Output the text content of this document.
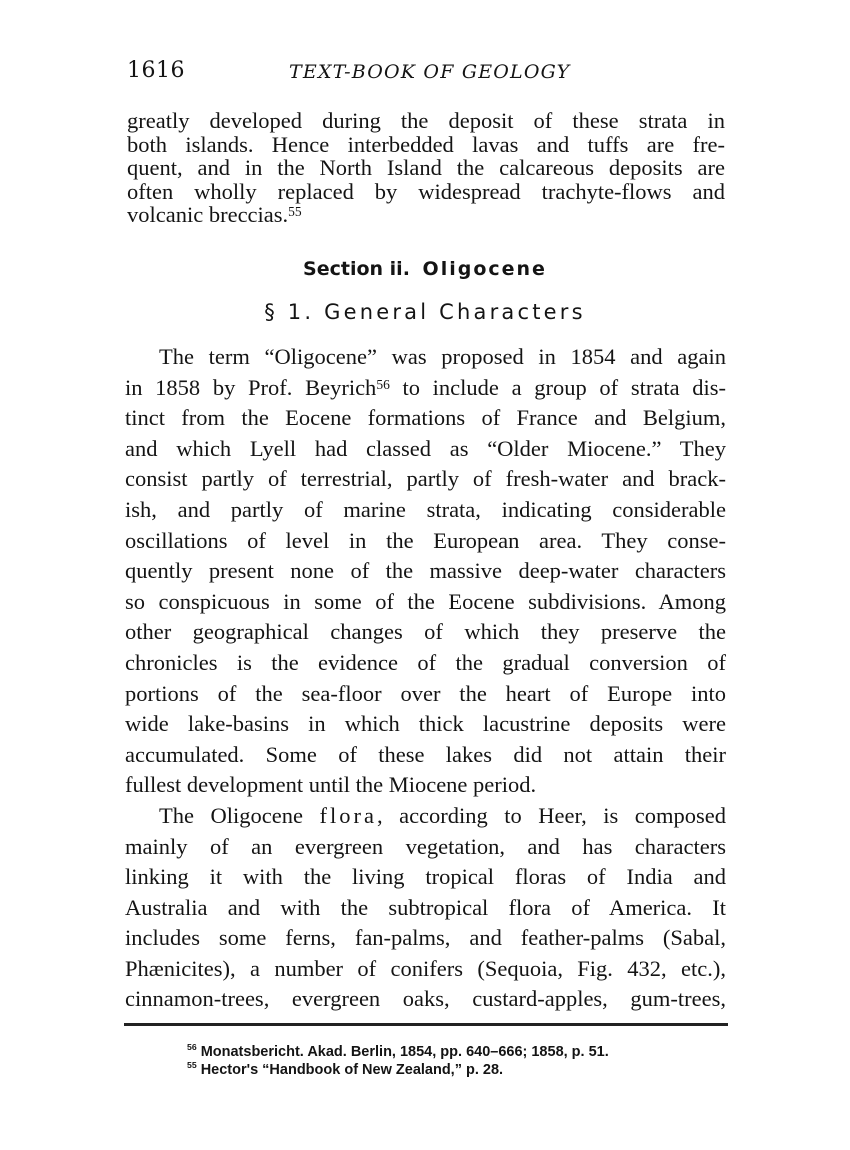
1616	TEXT-BOOK OF GEOLOGY
greatly developed during the deposit of these strata in
both islands. Hence interbedded lavas and tuffs are fre-
quent, and in the North Island the calcareous deposits are
often wholly replaced by widespread trachyte-flows and
volcanic breccias.$^{55}$
Section ii. Oligocene
§ 1. General Characters
The term “Oligocene” was proposed in 1854 and again
in 1858 by Prof. Beyrich$^{56}$ to include a group of strata dis-
tinct from the Eocene formations of France and Belgium,
and which Lyell had classed as “Older Miocene.” They
consist partly of terrestrial, partly of fresh-water and brack-
ish, and partly of marine strata, indicating considerable
oscillations of level in the European area. They conse-
quently present none of the massive deep-water characters
so conspicuous in some of the Eocene subdivisions. Among
other geographical changes of which they preserve the
chronicles is the evidence of the gradual conversion of
portions of the sea-floor over the heart of Europe into
wide lake-basins in which thick lacustrine deposits were
accumulated. Some of these lakes did not attain their
fullest development until the Miocene period.
The Oligocene flora, according to Heer, is composed
mainly of an evergreen vegetation, and has characters
linking it with the living tropical floras of India and
Australia and with the subtropical flora of America. It
includes some ferns, fan-palms, and feather-palms (Sabal,
Phænicites), a number of conifers (Sequoia, Fig. 432, etc.),
cinnamon-trees, evergreen oaks, custard-apples, gum-trees,
$^{56}$ Monatsbericht. Akad. Berlin, 1854, pp. 640–666; 1858, p. 51.
$^{55}$ Hector's “Handbook of New Zealand,” p. 28.
